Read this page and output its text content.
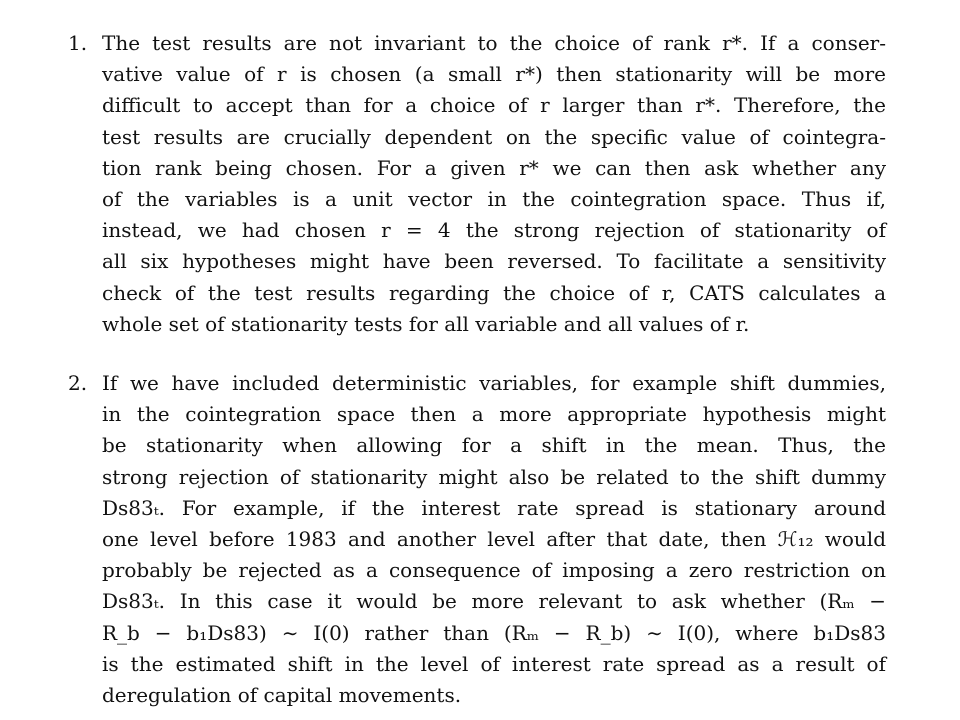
1. The test results are not invariant to the choice of rank r*. If a conser-
vative value of r is chosen (a small r*) then stationarity will be more
difficult to accept than for a choice of r larger than r*. Therefore, the
test results are crucially dependent on the specific value of cointegra-
tion rank being chosen. For a given r* we can then ask whether any
of the variables is a unit vector in the cointegration space. Thus if,
instead, we had chosen r = 4 the strong rejection of stationarity of
all six hypotheses might have been reversed. To facilitate a sensitivity
check of the test results regarding the choice of r, CATS calculates a
whole set of stationarity tests for all variable and all values of r.
2. If we have included deterministic variables, for example shift dummies,
in the cointegration space then a more appropriate hypothesis might
be stationarity when allowing for a shift in the mean. Thus, the
strong rejection of stationarity might also be related to the shift dummy
Ds83ₜ. For example, if the interest rate spread is stationary around
one level before 1983 and another level after that date, then ℋ₁₂ would
probably be rejected as a consequence of imposing a zero restriction on
Ds83ₜ. In this case it would be more relevant to ask whether (Rₘ −
R_b − b₁Ds83) ∼ I(0) rather than (Rₘ − R_b) ∼ I(0), where b₁Ds83
is the estimated shift in the level of interest rate spread as a result of
deregulation of capital movements.
